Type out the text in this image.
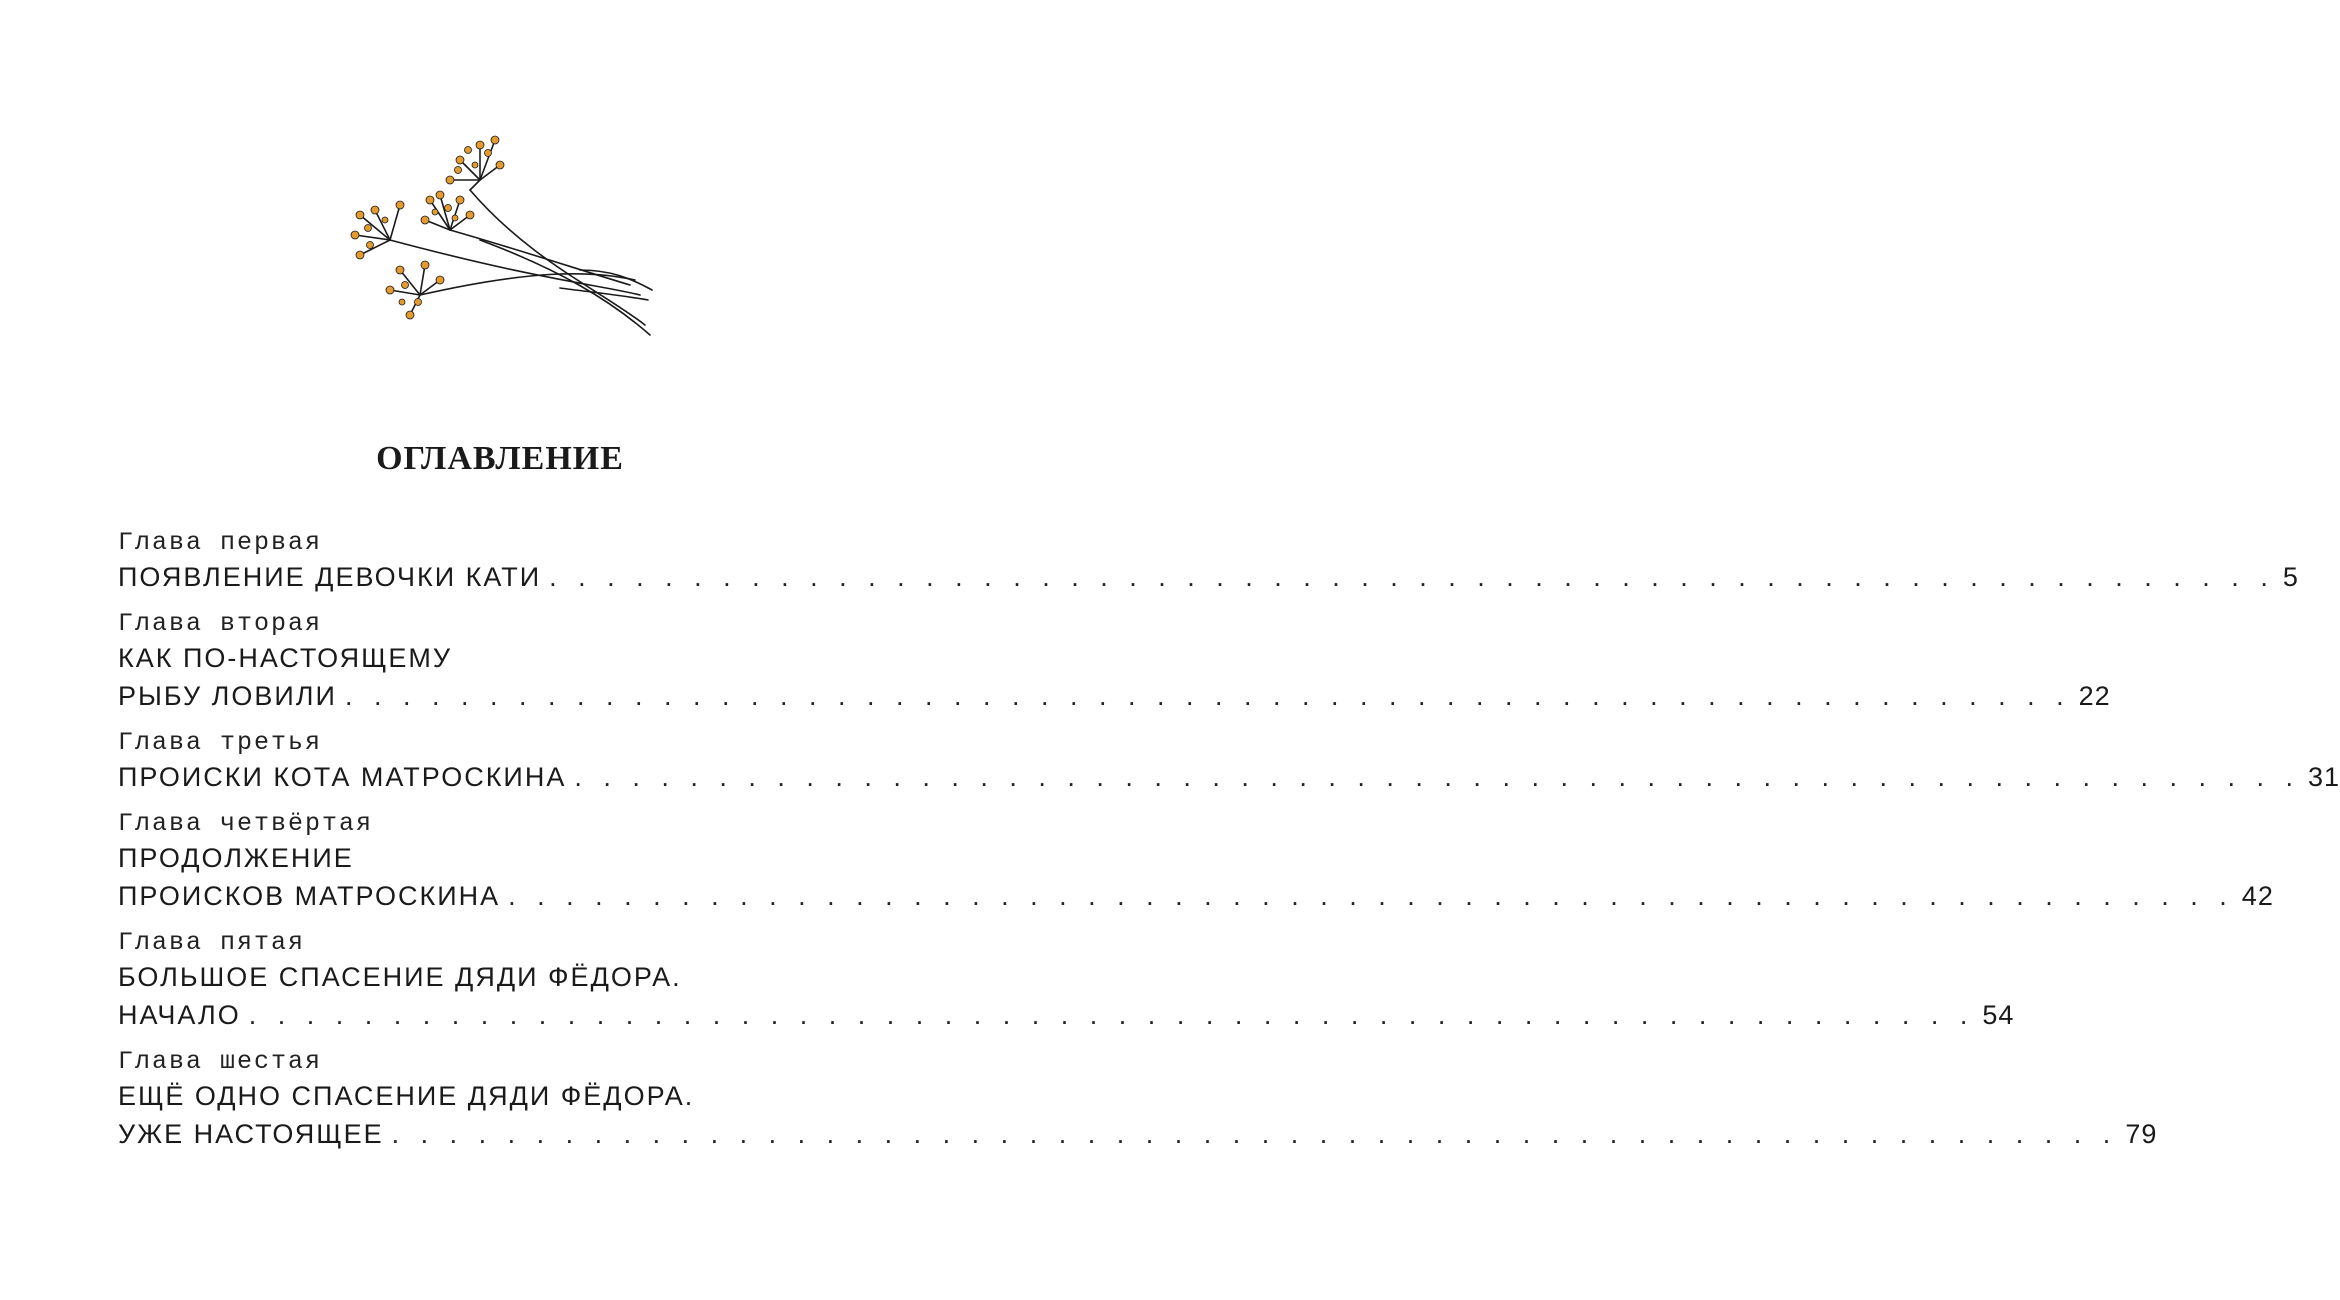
ОГЛАВЛЕНИЕ
Глава первая
ПОЯВЛЕНИЕ ДЕВОЧКИ КАТИ . . . . . . . . . . . . . . . . . . . . . . . . . . . . . . . . . . . . . . . . . . . . . . . . . . . . . . . . . . . . 5
Глава вторая
КАК ПО-НАСТОЯЩЕМУ
РЫБУ ЛОВИЛИ . . . . . . . . . . . . . . . . . . . . . . . . . . . . . . . . . . . . . . . . . . . . . . . . . . . . . . . . . . . . 22
Глава третья
ПРОИСКИ КОТА МАТРОСКИНА . . . . . . . . . . . . . . . . . . . . . . . . . . . . . . . . . . . . . . . . . . . . . . . . . . . . . . . . . . . . 31
Глава четвёртая
ПРОДОЛЖЕНИЕ
ПРОИСКОВ МАТРОСКИНА . . . . . . . . . . . . . . . . . . . . . . . . . . . . . . . . . . . . . . . . . . . . . . . . . . . . . . . . . . . . 42
Глава пятая
БОЛЬШОЕ СПАСЕНИЕ ДЯДИ ФЁДОРА.
НАЧАЛО . . . . . . . . . . . . . . . . . . . . . . . . . . . . . . . . . . . . . . . . . . . . . . . . . . . . . . . . . . . . 54
Глава шестая
ЕЩЁ ОДНО СПАСЕНИЕ ДЯДИ ФЁДОРА.
УЖЕ НАСТОЯЩЕЕ . . . . . . . . . . . . . . . . . . . . . . . . . . . . . . . . . . . . . . . . . . . . . . . . . . . . . . . . . . . . 79
